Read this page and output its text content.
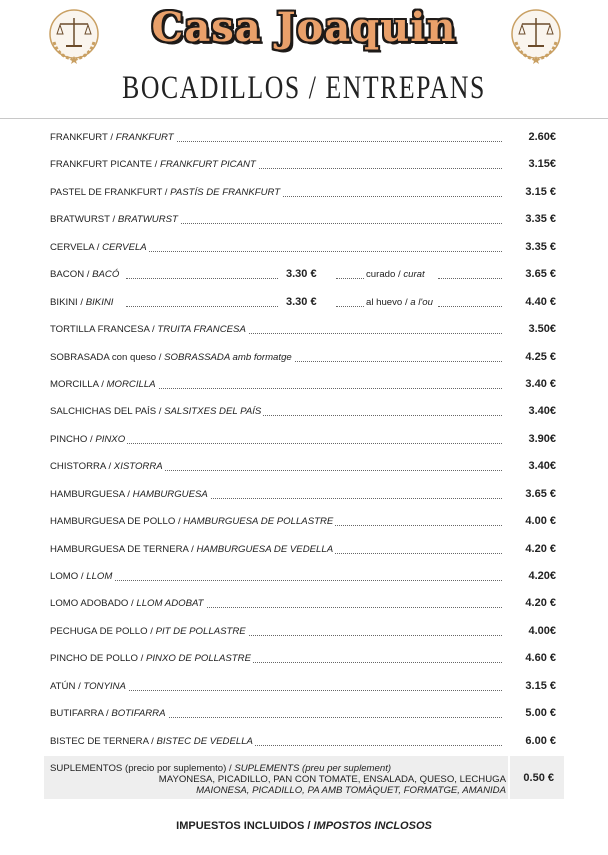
Casa Joaquin
BOCADILLOS / ENTREPANS
FRANKFURT / FRANKFURT	2.60€
FRANKFURT PICANTE / FRANKFURT PICANT	3.15€
PASTEL DE FRANKFURT / PASTÍS DE FRANKFURT	3.15 €
BRATWURST / BRATWURST	3.35 €
CERVELA / CERVELA	3.35 €
BACON / BACÓ	3.30 €	curado / curat	3.65 €
BIKINI / BIKINI	3.30 €	al huevo / a l'ou	4.40 €
TORTILLA FRANCESA / TRUITA FRANCESA	3.50€
SOBRASADA con queso / SOBRASSADA amb formatge	4.25 €
MORCILLA / MORCILLA	3.40 €
SALCHICHAS DEL PAÍS / SALSITXES DEL PAÍS	3.40€
PINCHO / PINXO	3.90€
CHISTORRA / XISTORRA	3.40€
HAMBURGUESA / HAMBURGUESA	3.65 €
HAMBURGUESA DE POLLO / HAMBURGUESA DE POLLASTRE	4.00 €
HAMBURGUESA DE TERNERA / HAMBURGUESA DE VEDELLA	4.20 €
LOMO / LLOM	4.20€
LOMO ADOBADO / LLOM ADOBAT	4.20 €
PECHUGA DE POLLO / PIT DE POLLASTRE	4.00€
PINCHO DE POLLO / PINXO DE POLLASTRE	4.60 €
ATÚN / TONYINA	3.15 €
BUTIFARRA / BOTIFARRA	5.00 €
BISTEC DE TERNERA / BISTEC DE VEDELLA	6.00 €
SUPLEMENTOS (precio por suplemento) / SUPLEMENTS (preu per suplement)
MAYONESA, PICADILLO, PAN CON TOMATE, ENSALADA, QUESO, LECHUGA
MAIONESA, PICADILLO, PA AMB TOMÀQUET, FORMATGE, AMANIDA
0.50 €
IMPUESTOS INCLUIDOS / IMPOSTOS INCLOSOS
